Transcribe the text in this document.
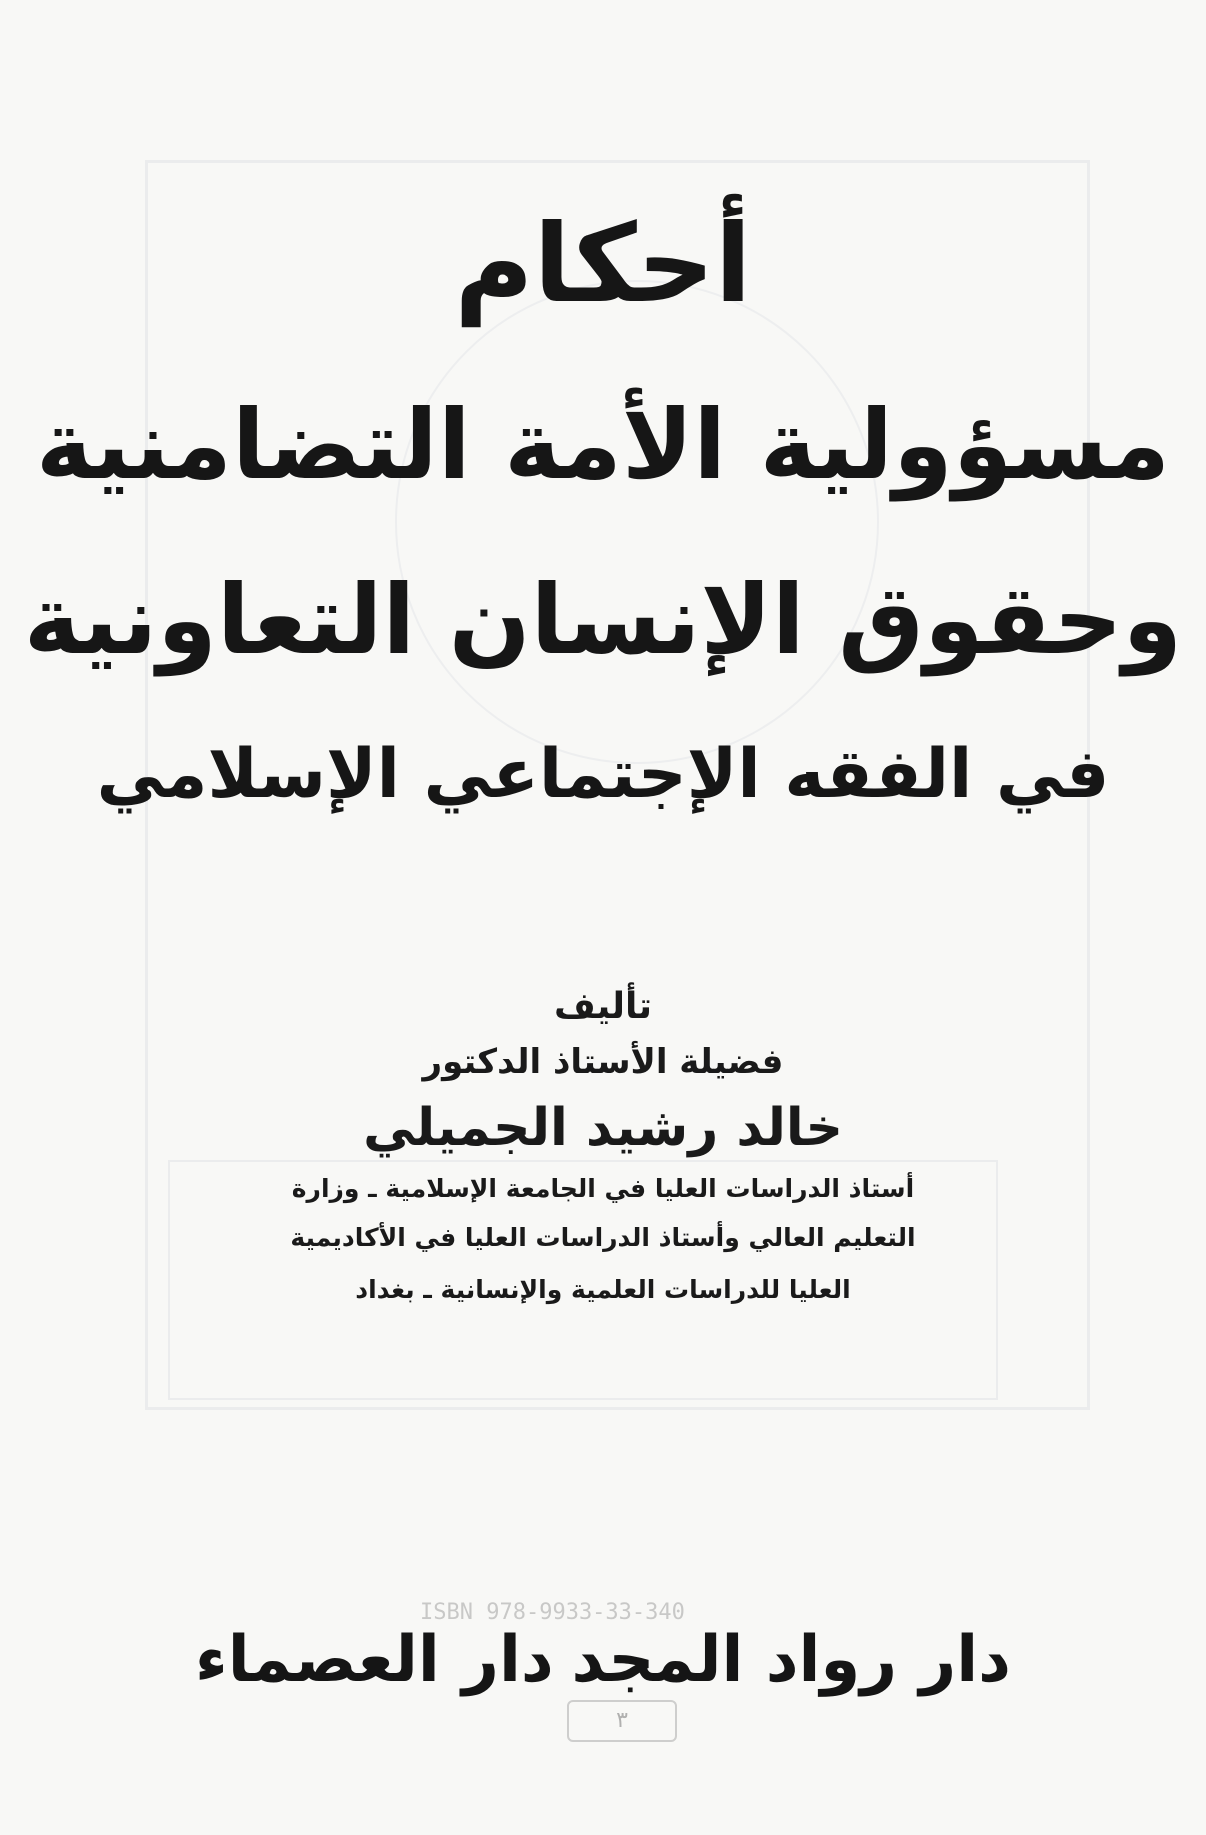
أحكام
مسؤولية الأمة التضامنية
وحقوق الإنسان التعاونية
في الفقه الإجتماعي الإسلامي
تأليف
فضيلة الأستاذ الدكتور
خالد رشيد الجميلي
أستاذ الدراسات العليا في الجامعة الإسلامية ـ وزارة
التعليم العالي وأستاذ الدراسات العليا في الأكاديمية
العليا للدراسات العلمية والإنسانية ـ بغداد
ISBN 978-9933-33-340
دار رواد المجد
دار العصماء
٣
